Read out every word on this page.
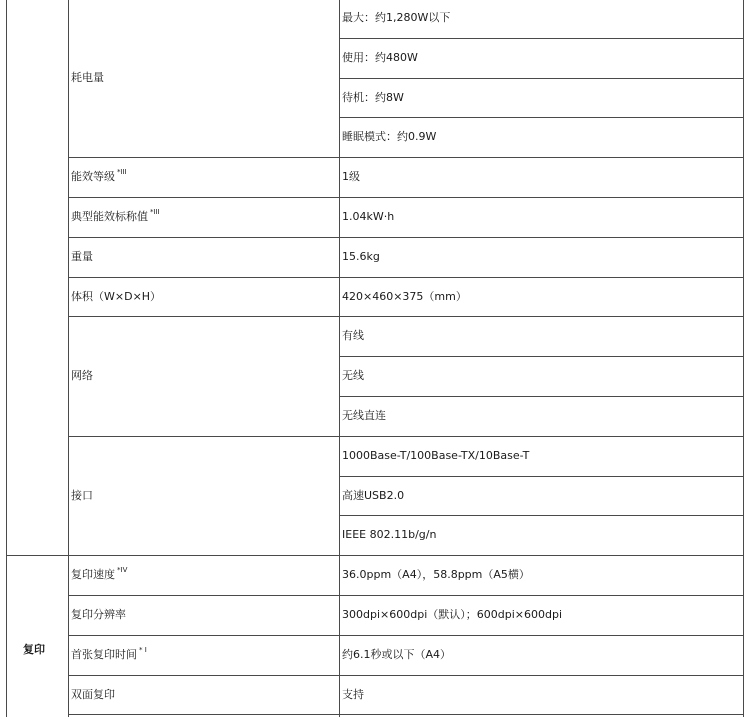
最大：约1,280W以下
使用：约480W
待机：约8W
睡眠模式：约0.9W
耗电量
1级
能效等级 $^{*III}$
1.04kW·h
典型能效标称值 $^{*III}$
15.6kg
重量
420×460×375（mm）
体积（W×D×H）
有线
无线
无线直连
网络
1000Base-T/100Base-TX/10Base-T
高速USB2.0
IEEE 802.11b/g/n
接口
36.0ppm（A4），58.8ppm（A5横）
复印速度 $^{*IV}$
300dpi×600dpi（默认）；600dpi×600dpi
复印分辨率
约6.1秒或以下（A4）
首张复印时间 $^{* I}$
支持
双面复印
复印
